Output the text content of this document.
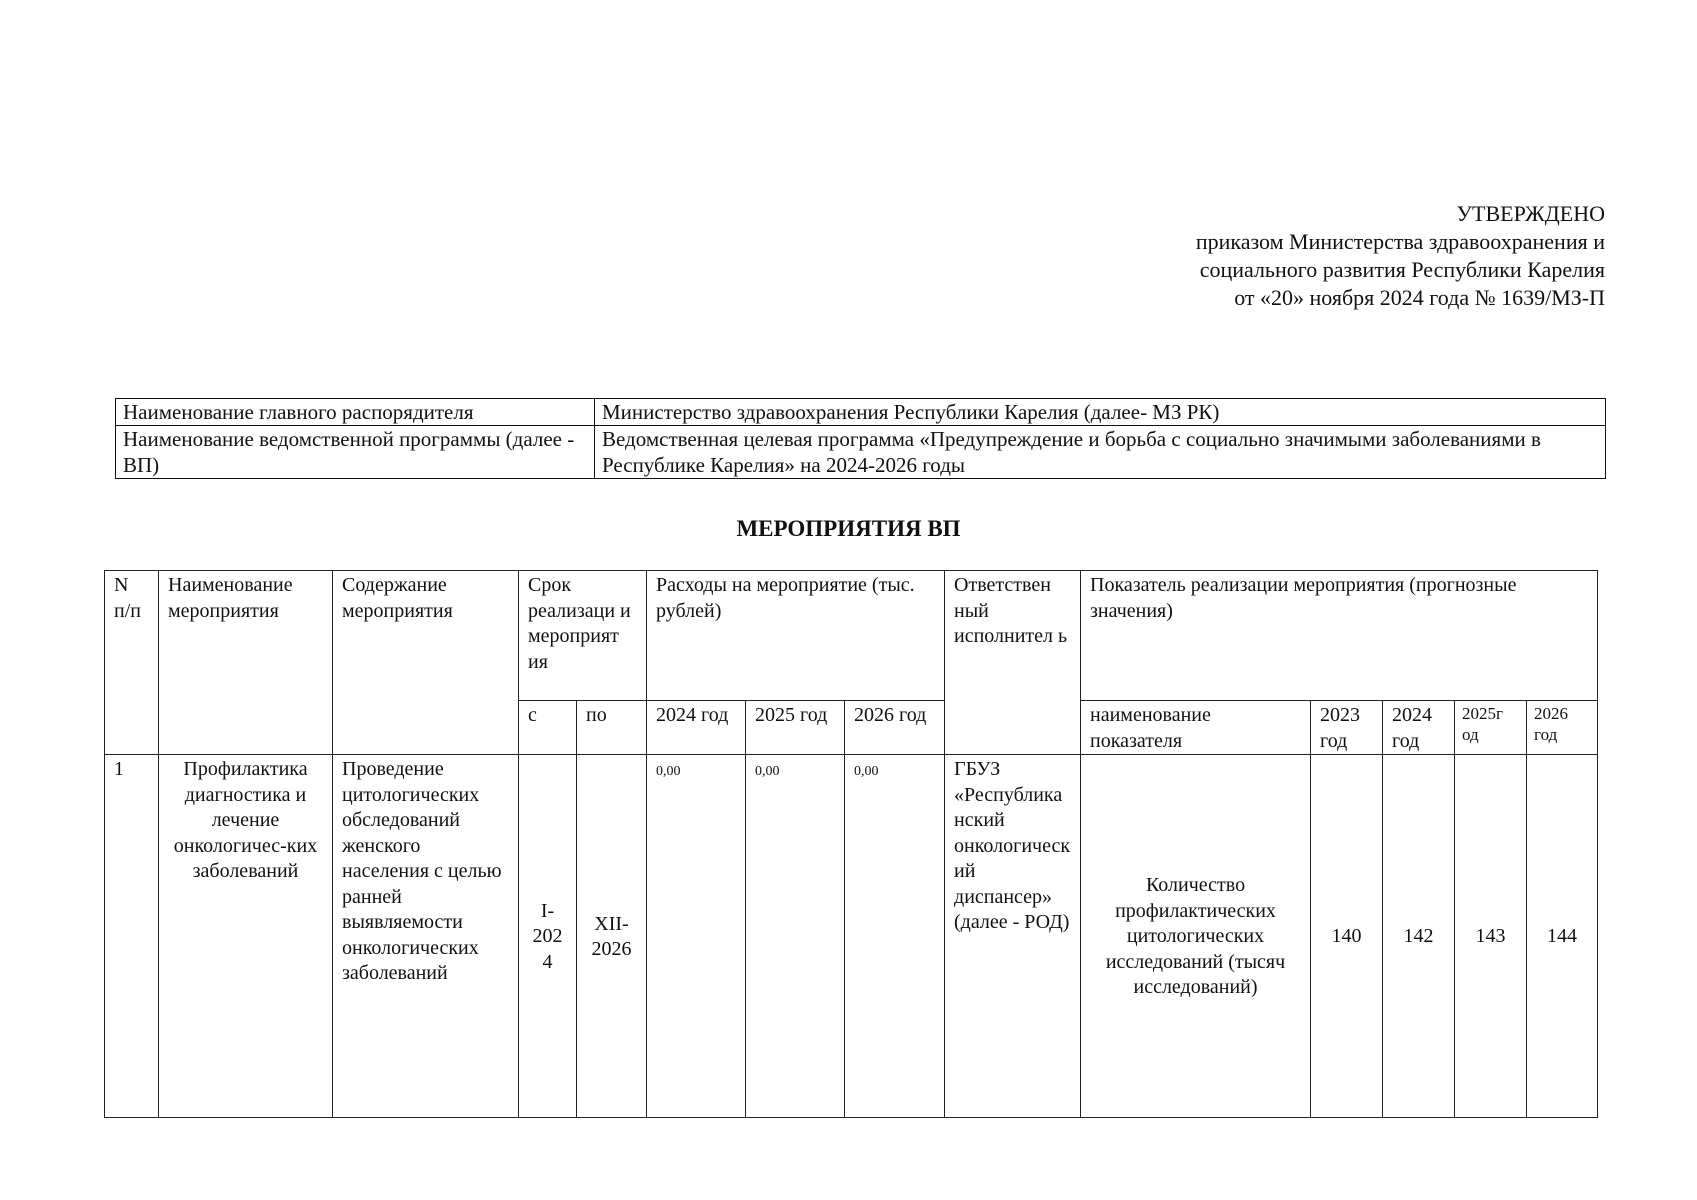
УТВЕРЖДЕНО
приказом Министерства здравоохранения и
социального развития Республики Карелия
от «20» ноября 2024 года № 1639/МЗ-П
Наименование главного распорядителя	Министерство здравоохранения Республики Карелия (далее- МЗ РК)
Наименование ведомственной программы (далее - ВП)	Ведомственная целевая программа «Предупреждение и борьба с социально значимыми заболеваниями в Республике Карелия» на 2024-2026 годы
МЕРОПРИЯТИЯ ВП
N п/п	Наименование мероприятия	Содержание мероприятия	Срок реализаци и мероприят ия		Расходы на мероприятие (тыс. рублей)			Ответствен ный исполнител ь	Показатель реализации мероприятия (прогнозные значения)				
			с	по	2024 год	2025 год	2026 год		наименование показателя	2023 год	2024 год	2025г од	2026 год
1	Профилактика диагностика и лечение онкологичес-ких заболеваний	Проведение цитологических обследований женского населения с целью ранней выявляемости онкологических заболеваний	I-2024	XII-2026	0,00	0,00	0,00	ГБУЗ «Республиканский онкологический диспансер» (далее - РОД)	Количество профилактических цитологических исследований (тысяч исследований)	140	142	143	144
